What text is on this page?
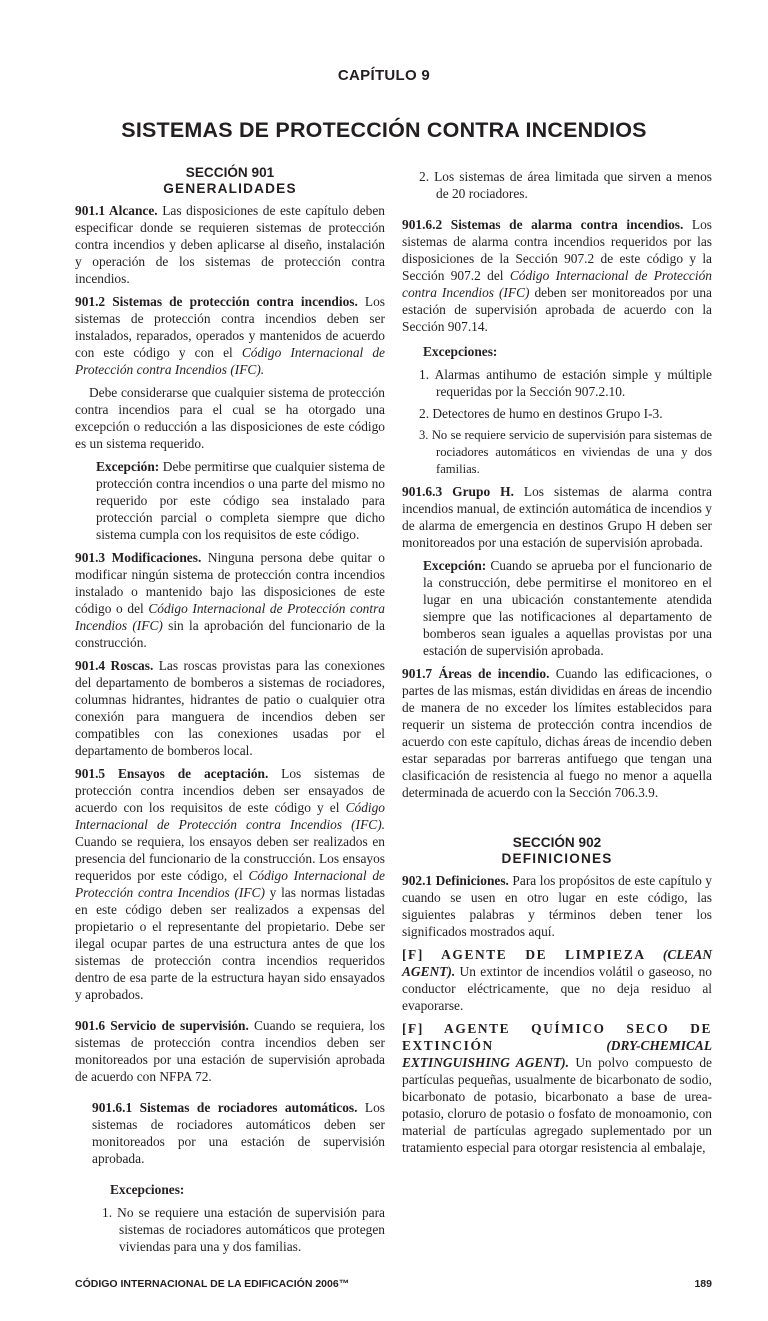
CAPÍTULO 9
SISTEMAS DE PROTECCIÓN CONTRA INCENDIOS
SECCIÓN 901
GENERALIDADES
901.1 Alcance. Las disposiciones de este capítulo deben especificar donde se requieren sistemas de protección contra incendios y deben aplicarse al diseño, instalación y operación de los sistemas de protección contra incendios.
901.2 Sistemas de protección contra incendios. Los sistemas de protección contra incendios deben ser instalados, reparados, operados y mantenidos de acuerdo con este código y con el Código Internacional de Protección contra Incendios (IFC).
Debe considerarse que cualquier sistema de protección contra incendios para el cual se ha otorgado una excepción o reducción a las disposiciones de este código es un sistema requerido.
Excepción: Debe permitirse que cualquier sistema de protección contra incendios o una parte del mismo no requerido por este código sea instalado para protección parcial o completa siempre que dicho sistema cumpla con los requisitos de este código.
901.3 Modificaciones. Ninguna persona debe quitar o modificar ningún sistema de protección contra incendios instalado o mantenido bajo las disposiciones de este código o del Código Internacional de Protección contra Incendios (IFC) sin la aprobación del funcionario de la construcción.
901.4 Roscas. Las roscas provistas para las conexiones del departamento de bomberos a sistemas de rociadores, columnas hidrantes, hidrantes de patio o cualquier otra conexión para manguera de incendios deben ser compatibles con las conexiones usadas por el departamento de bomberos local.
901.5 Ensayos de aceptación. Los sistemas de protección contra incendios deben ser ensayados de acuerdo con los requisitos de este código y el Código Internacional de Protección contra Incendios (IFC). Cuando se requiera, los ensayos deben ser realizados en presencia del funcionario de la construcción. Los ensayos requeridos por este código, el Código Internacional de Protección contra Incendios (IFC) y las normas listadas en este código deben ser realizados a expensas del propietario o el representante del propietario. Debe ser ilegal ocupar partes de una estructura antes de que los sistemas de protección contra incendios requeridos dentro de esa parte de la estructura hayan sido ensayados y aprobados.
901.6 Servicio de supervisión. Cuando se requiera, los sistemas de protección contra incendios deben ser monitoreados por una estación de supervisión aprobada de acuerdo con NFPA 72.
901.6.1 Sistemas de rociadores automáticos. Los sistemas de rociadores automáticos deben ser monitoreados por una estación de supervisión aprobada.
Excepciones:
1. No se requiere una estación de supervisión para sistemas de rociadores automáticos que protegen viviendas para una y dos familias.
2. Los sistemas de área limitada que sirven a menos de 20 rociadores.
901.6.2 Sistemas de alarma contra incendios. Los sistemas de alarma contra incendios requeridos por las disposiciones de la Sección 907.2 de este código y la Sección 907.2 del Código Internacional de Protección contra Incendios (IFC) deben ser monitoreados por una estación de supervisión aprobada de acuerdo con la Sección 907.14.
Excepciones:
1. Alarmas antihumo de estación simple y múltiple requeridas por la Sección 907.2.10.
2. Detectores de humo en destinos Grupo I-3.
3. No se requiere servicio de supervisión para sistemas de rociadores automáticos en viviendas de una y dos familias.
901.6.3 Grupo H. Los sistemas de alarma contra incendios manual, de extinción automática de incendios y de alarma de emergencia en destinos Grupo H deben ser monitoreados por una estación de supervisión aprobada.
Excepción: Cuando se aprueba por el funcionario de la construcción, debe permitirse el monitoreo en el lugar en una ubicación constantemente atendida siempre que las notificaciones al departamento de bomberos sean iguales a aquellas provistas por una estación de supervisión aprobada.
901.7 Áreas de incendio. Cuando las edificaciones, o partes de las mismas, están divididas en áreas de incendio de manera de no exceder los límites establecidos para requerir un sistema de protección contra incendios de acuerdo con este capítulo, dichas áreas de incendio deben estar separadas por barreras antifuego que tengan una clasificación de resistencia al fuego no menor a aquella determinada de acuerdo con la Sección 706.3.9.
SECCIÓN 902
DEFINICIONES
902.1 Definiciones. Para los propósitos de este capítulo y cuando se usen en otro lugar en este código, las siguientes palabras y términos deben tener los significados mostrados aquí.
[F] AGENTE DE LIMPIEZA (CLEAN AGENT). Un extintor de incendios volátil o gaseoso, no conductor eléctricamente, que no deja residuo al evaporarse.
[F] AGENTE QUÍMICO SECO DE EXTINCIÓN (DRY-CHEMICAL EXTINGUISHING AGENT). Un polvo compuesto de partículas pequeñas, usualmente de bicarbonato de sodio, bicarbonato de potasio, bicarbonato a base de urea-potasio, cloruro de potasio o fosfato de monoamonio, con material de partículas agregado suplementado por un tratamiento especial para otorgar resistencia al embalaje,
CÓDIGO INTERNACIONAL DE LA EDIFICACIÓN 2006™	189
